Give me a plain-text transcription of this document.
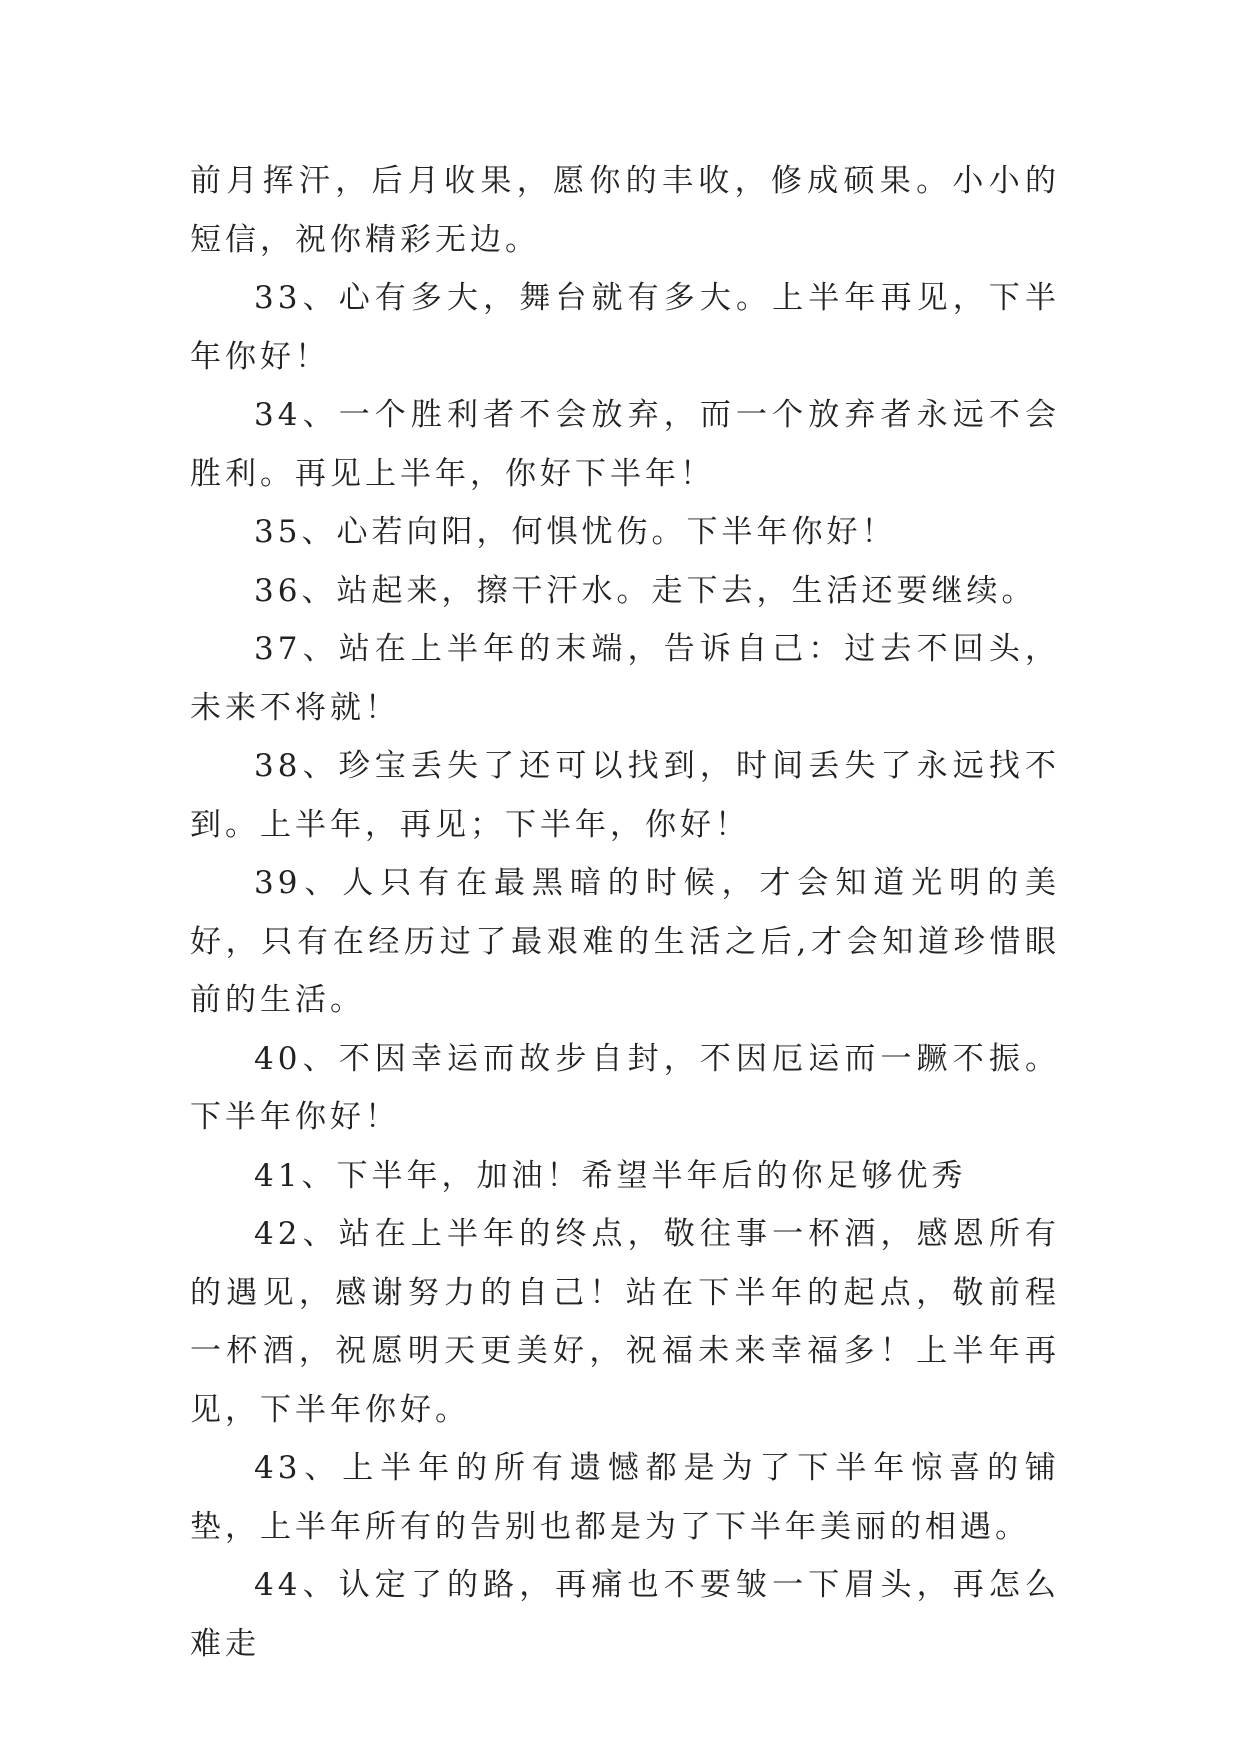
前月挥汗，后月收果，愿你的丰收，修成硕果。小小的短信，祝你精彩无边。

33、心有多大，舞台就有多大。上半年再见，下半年你好！

34、一个胜利者不会放弃，而一个放弃者永远不会胜利。再见上半年，你好下半年！

35、心若向阳，何惧忧伤。下半年你好！

36、站起来，擦干汗水。走下去，生活还要继续。

37、站在上半年的末端，告诉自己：过去不回头，未来不将就！

38、珍宝丢失了还可以找到，时间丢失了永远找不到。上半年，再见；下半年，你好！

39、人只有在最黑暗的时候，才会知道光明的美好，只有在经历过了最艰难的生活之后,才会知道珍惜眼前的生活。

40、不因幸运而故步自封，不因厄运而一蹶不振。下半年你好！

41、下半年，加油！希望半年后的你足够优秀

42、站在上半年的终点，敬往事一杯酒，感恩所有的遇见，感谢努力的自己！站在下半年的起点，敬前程一杯酒，祝愿明天更美好，祝福未来幸福多！上半年再见，下半年你好。

43、上半年的所有遗憾都是为了下半年惊喜的铺垫，上半年所有的告别也都是为了下半年美丽的相遇。

44、认定了的路，再痛也不要皱一下眉头，再怎么难走
